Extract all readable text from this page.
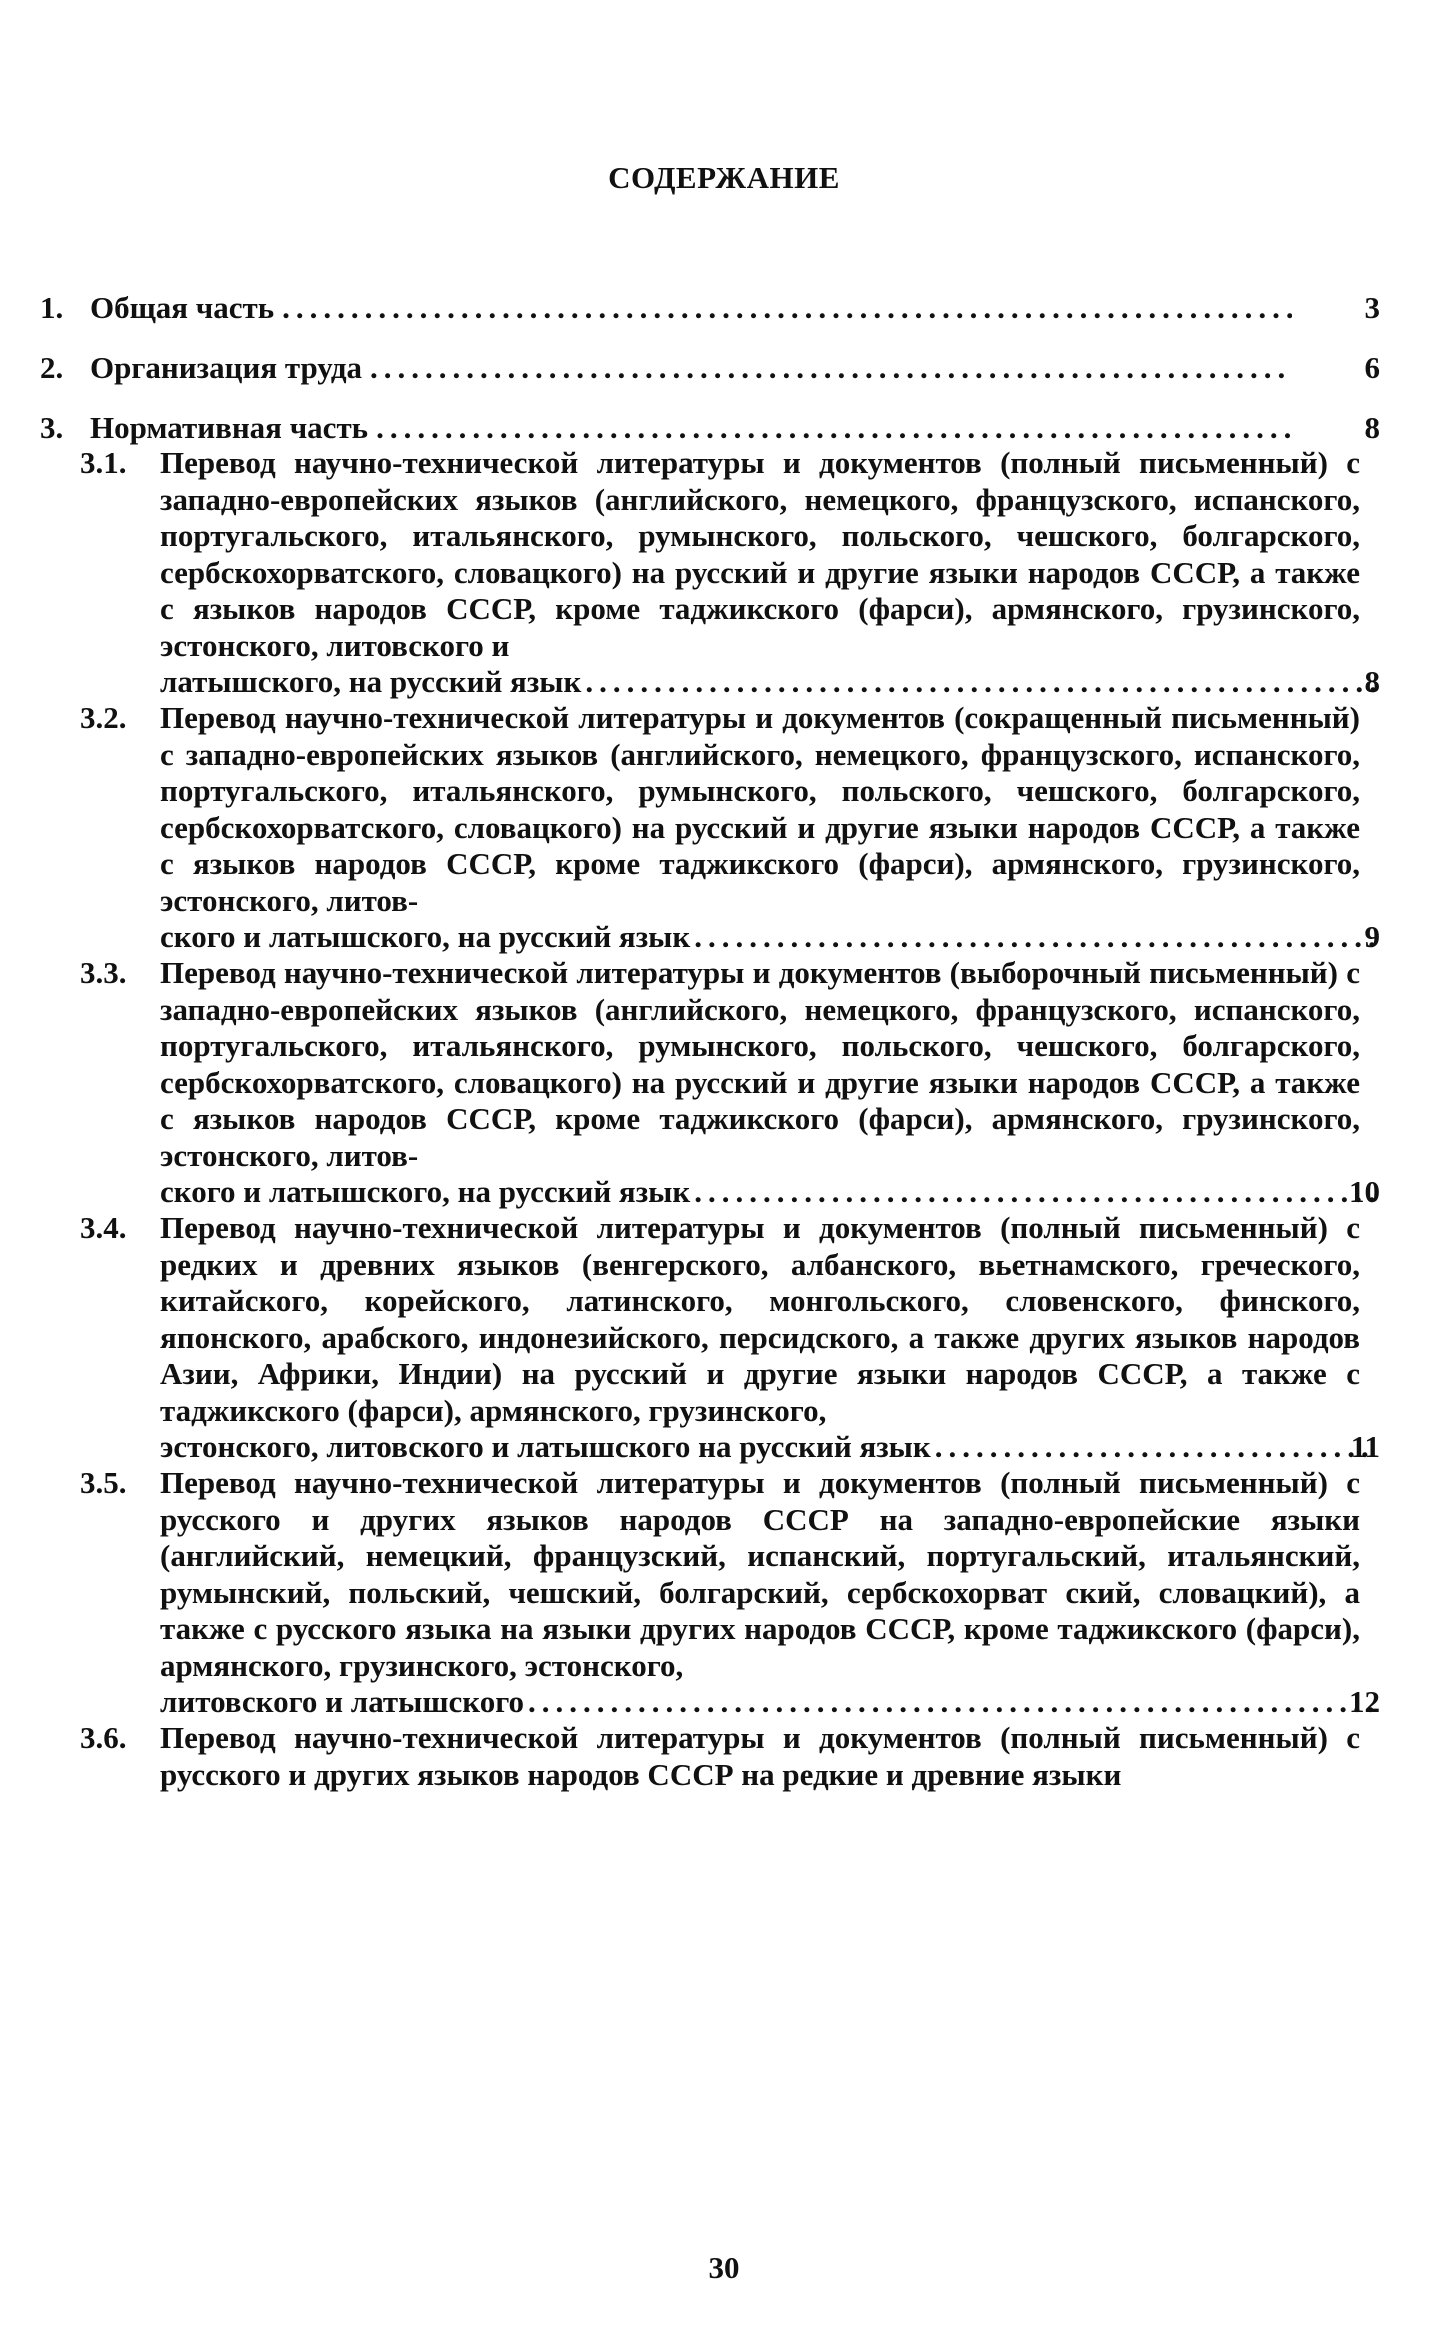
СОДЕРЖАНИЕ
1. Общая часть .....	3
2. Организация труда .....	6
3. Нормативная часть .....	8
3.1.	Перевод научно-технической литературы и документов (полный письменный) с западно-европейских языков (английского, немецкого, французского, испанского, португальского, итальянского, румынского, польского, чешского, болгарского, сербскохорватского, словацкого) на русский и другие языки народов СССР, а также с языков народов СССР, кроме таджикского (фарси), армянского, грузинского, эстонского, литовского и
латышского, на русский язык .....	8
3.2.	Перевод научно-технической литературы и документов (сокращенный письменный) с западно-европейских языков (английского, немецкого, французского, испанского, португальского, итальянского, румынского, польского, чешского, болгарского, сербскохорватского, словацкого) на русский и другие языки народов СССР, а также с языков народов СССР, кроме таджикского (фарси), армянского, грузинского, эстонского, литов-
ского и латышского, на русский язык .....	9
3.3.	Перевод научно-технической литературы и документов (выборочный письменный) с западно-европейских языков (английского, немецкого, французского, испанского, португальского, итальянского, румынского, польского, чешского, болгарского, сербскохорватского, словацкого) на русский и другие языки народов СССР, а также с языков народов СССР, кроме таджикского (фарси), армянского, грузинского, эстонского, литов-
ского и латышского, на русский язык .....	10
3.4.	Перевод научно-технической литературы и документов (полный письменный) с редких и древних языков (венгерского, албанского, вьетнамского, греческого, китайского, корейского, латинского, монгольского, словенского, финского, японского, арабского, индонезийского, персидского, а также других языков народов Азии, Африки, Индии) на русский и другие языки народов СССР, а также с таджикского (фарси), армянского, грузинского,
эстонского, литовского и латышского на русский язык .....	11
3.5.	Перевод научно-технической литературы и документов (полный письменный) с русского и других языков народов СССР на западно-европейские языки (английский, немецкий, французский, испанский, португальский, итальянский, румынский, польский, чешский, болгарский, сербскохорват ский, словацкий), а также с русского языка на языки других народов СССР, кроме таджикского (фарси), армянского, грузинского, эстонского,
литовского и латышского .....	12
3.6.	Перевод научно-технической литературы и документов (полный письменный) с русского и других языков народов СССР на редкие и древние языки
30
